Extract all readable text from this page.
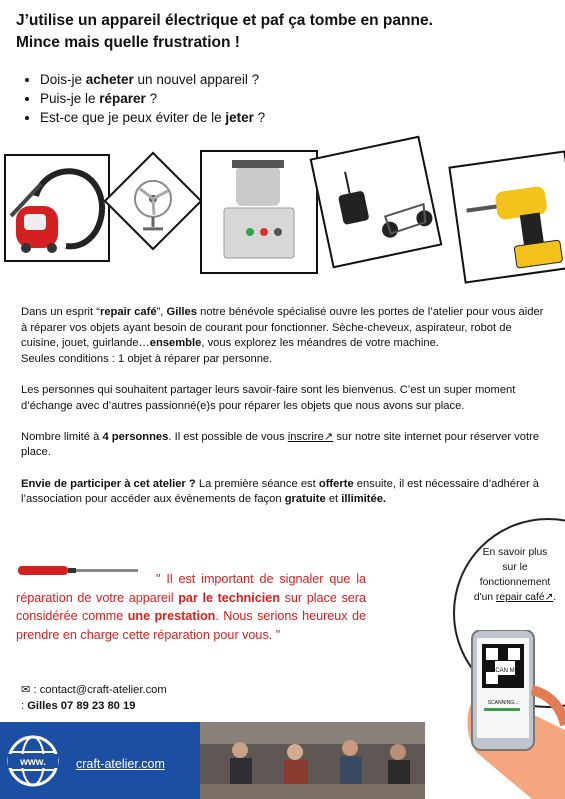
J’utilise un appareil électrique et paf ça tombe en panne.
Mince mais quelle frustration !
• Dois-je acheter un nouvel appareil ?
• Puis-je le réparer ?
• Est-ce que je peux éviter de le jeter ?

Dans un esprit “repair café”, Gilles notre bénévole spécialisé ouvre les portes de l’atelier pour vous aider à réparer vos objets ayant besoin de courant pour fonctionner. Sèche-cheveux, aspirateur, robot de cuisine, jouet, guirlande…ensemble, vous explorez les méandres de votre machine.
Seules conditions : 1 objet à réparer par personne.

Les personnes qui souhaitent partager leurs savoir-faire sont les bienvenus. C’est un super moment d’échange avec d’autres passionné(e)s pour réparer les objets que nous avons sur place.

Nombre limité à 4 personnes. Il est possible de vous inscrire↗ sur notre site internet pour réserver votre place.

Envie de participer à cet atelier ? La première séance est offerte ensuite, il est nécessaire d’adhérer à l’association pour accéder aux évènements de façon gratuite et illimitée.

" Il est important de signaler que la réparation de votre appareil par le technicien sur place sera considérée comme une prestation. Nous serions heureux de prendre en charge cette réparation pour vous. "
En savoir plus
sur le
fonctionnement
d'un repair café↗.
SCAN ME
SCANNING...
✉ : contact@craft-atelier.com
: Gilles 07 89 23 80 19
www. craft-atelier.com
